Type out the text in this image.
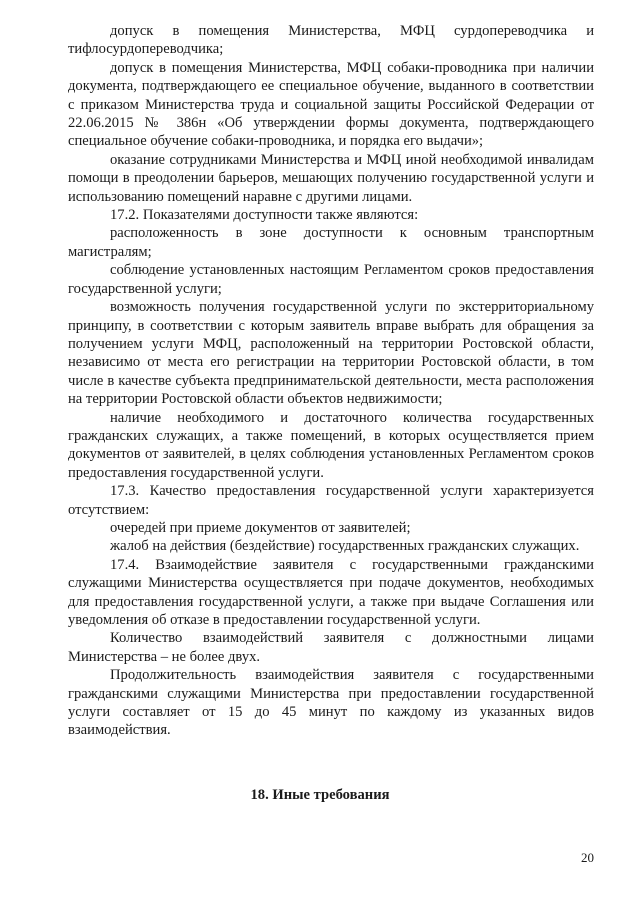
допуск в помещения Министерства, МФЦ сурдопереводчика и тифлосурдопереводчика;

допуск в помещения Министерства, МФЦ собаки-проводника при наличии документа, подтверждающего ее специальное обучение, выданного в соответствии с приказом Министерства труда и социальной защиты Российской Федерации от 22.06.2015 № 386н «Об утверждении формы документа, подтверждающего специальное обучение собаки-проводника, и порядка его выдачи»;

оказание сотрудниками Министерства и МФЦ иной необходимой инвалидам помощи в преодолении барьеров, мешающих получению государственной услуги и использованию помещений наравне с другими лицами.

17.2. Показателями доступности также являются:

расположенность в зоне доступности к основным транспортным магистралям;

соблюдение установленных настоящим Регламентом сроков предоставления государственной услуги;

возможность получения государственной услуги по экстерриториальному принципу, в соответствии с которым заявитель вправе выбрать для обращения за получением услуги МФЦ, расположенный на территории Ростовской области, независимо от места его регистрации на территории Ростовской области, в том числе в качестве субъекта предпринимательской деятельности, места расположения на территории Ростовской области объектов недвижимости;

наличие необходимого и достаточного количества государственных гражданских служащих, а также помещений, в которых осуществляется прием документов от заявителей, в целях соблюдения установленных Регламентом сроков предоставления государственной услуги.

17.3. Качество предоставления государственной услуги характеризуется отсутствием:

очередей при приеме документов от заявителей;

жалоб на действия (бездействие) государственных гражданских служащих.

17.4. Взаимодействие заявителя с государственными гражданскими служащими Министерства осуществляется при подаче документов, необходимых для предоставления государственной услуги, а также при выдаче Соглашения или уведомления об отказе в предоставлении государственной услуги.

Количество взаимодействий заявителя с должностными лицами Министерства – не более двух.

Продолжительность взаимодействия заявителя с государственными гражданскими служащими Министерства при предоставлении государственной услуги составляет от 15 до 45 минут по каждому из указанных видов взаимодействия.

18. Иные требования
20
